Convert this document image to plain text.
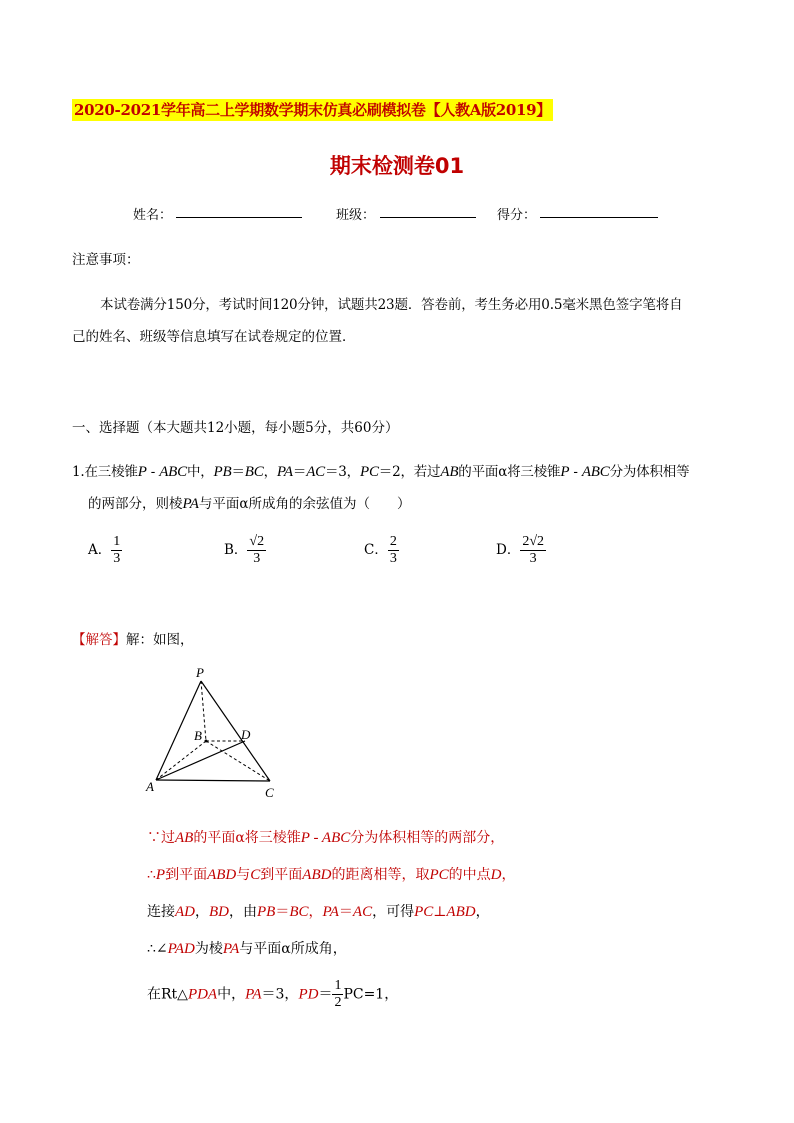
2020-2021学年高二上学期数学期末仿真必刷模拟卷【人教A版2019】
期末检测卷01
姓名：	班级：	得分：
注意事项：
本试卷满分150分，考试时间120分钟，试题共23题．答卷前，考生务必用0.5毫米黑色签字笔将自
己的姓名、班级等信息填写在试卷规定的位置．
一、选择题（本大题共12小题，每小题5分，共60分）
1.在三棱锥P - ABC中，PB＝BC，PA＝AC＝3，PC＝2，若过AB的平面α将三棱锥P - ABC分为体积相等
的两部分，则棱PA与平面α所成角的余弦值为（　　）
A． $\frac{1}{3}$	B． $\frac{√2}{3}$	C． $\frac{2}{3}$	D． $\frac{2√2}{3}$
【解答】解：如图，
P
B	D
A	C
∵过AB的平面α将三棱锥P - ABC分为体积相等的两部分，
∴P到平面ABD与C到平面ABD的距离相等，取PC的中点D，
连接AD，BD，由PB＝BC，PA＝AC，可得PC⊥ABD，
∴∠PAD为棱PA与平面α所成角，
在Rt△PDA中，PA＝3，$PD= \frac{1}{2} PC=1$，
